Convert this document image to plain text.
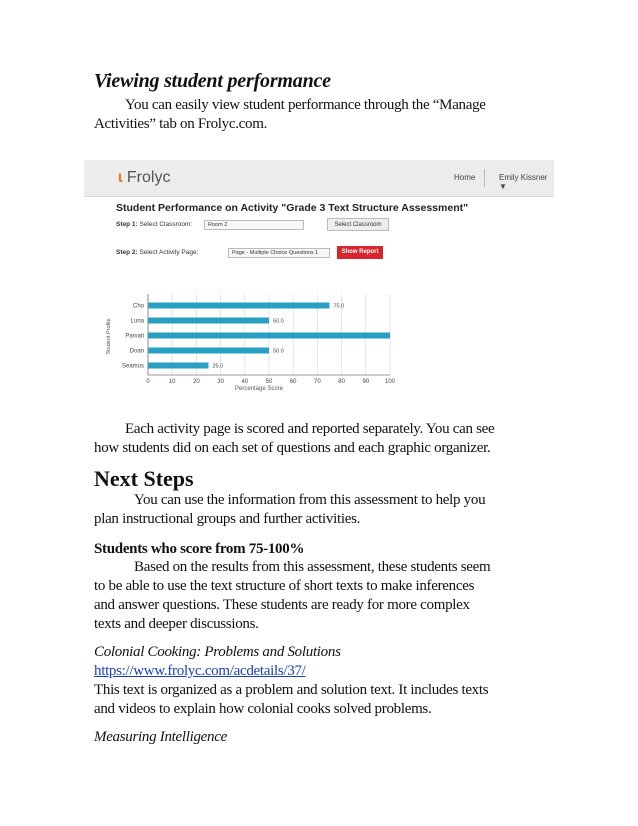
Viewing student performance
You can easily view student performance through the “Manage
Activities” tab on Frolyc.com.
ɩ Frolyc	Home	Emily Kissner ▼
Student Performance on Activity "Grade 3 Text Structure Assessment"
Step 1: Select Classroom:	Room 2	Select Classroom
Step 2: Select Activity Page:	Page - Multiple Choice Questions 1	Show Report
Cho	75.0
Luna	50.0
Parvati
Doan	50.0
Seamus	25.0
0	10	20	30	40	50	60	70	80	90	100
Percentage Score
Student Profile
Each activity page is scored and reported separately. You can see
how students did on each set of questions and each graphic organizer.
Next Steps
You can use the information from this assessment to help you
plan instructional groups and further activities.
Students who score from 75-100%
Based on the results from this assessment, these students seem
to be able to use the text structure of short texts to make inferences
and answer questions. These students are ready for more complex
texts and deeper discussions.
Colonial Cooking: Problems and Solutions
https://www.frolyc.com/acdetails/37/
This text is organized as a problem and solution text. It includes texts
and videos to explain how colonial cooks solved problems.
Measuring Intelligence
